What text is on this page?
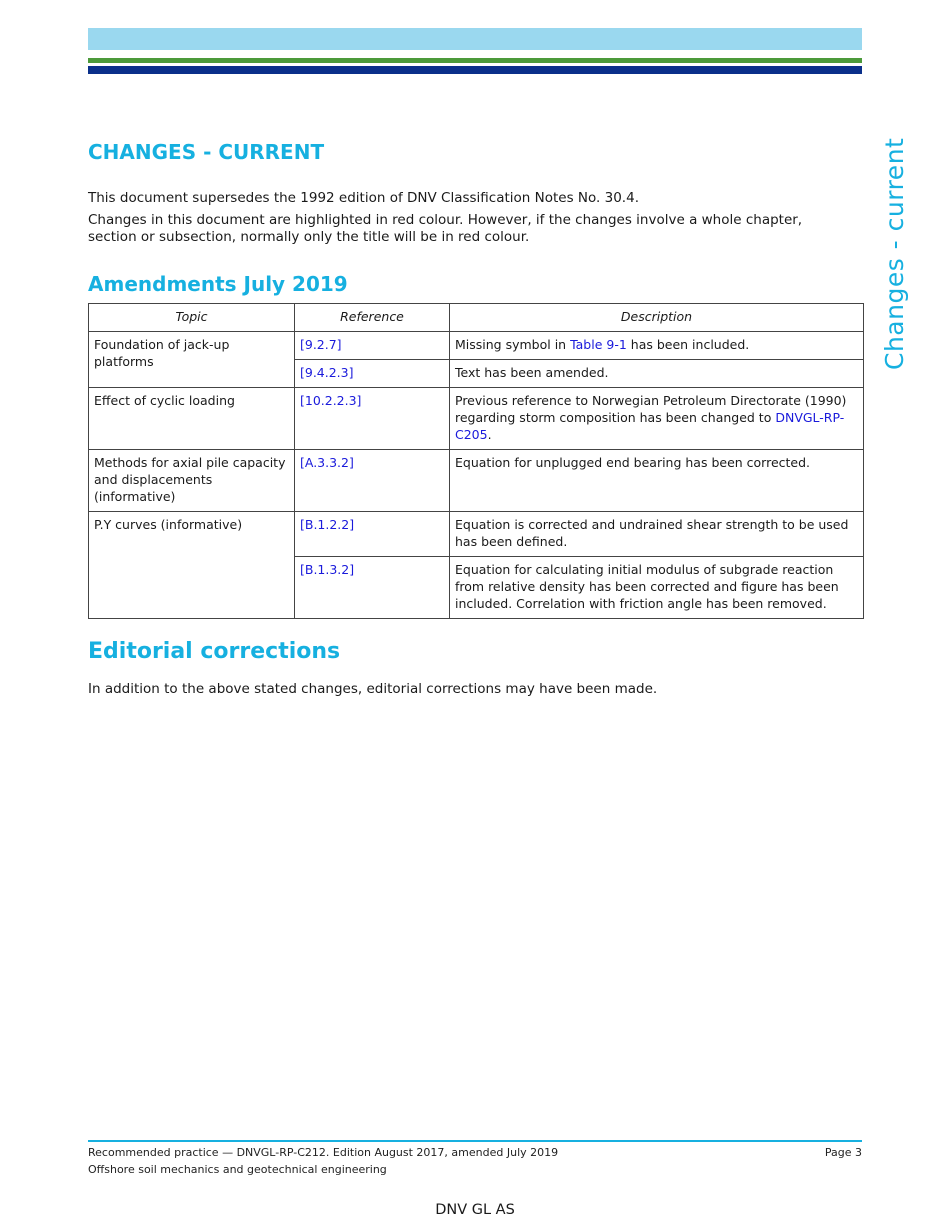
Changes - current
CHANGES - CURRENT

This document supersedes the 1992 edition of DNV Classification Notes No. 30.4.

Changes in this document are highlighted in red colour. However, if the changes involve a whole chapter, section or subsection, normally only the title will be in red colour.

Amendments July 2019
Topic	Reference	Description
Foundation of jack-up platforms	[9.2.7]	Missing symbol in Table 9-1 has been included.
	[9.4.2.3]	Text has been amended.
Effect of cyclic loading	[10.2.2.3]	Previous reference to Norwegian Petroleum Directorate (1990) regarding storm composition has been changed to DNVGL-RP-C205.
Methods for axial pile capacity and displacements (informative)	[A.3.3.2]	Equation for unplugged end bearing has been corrected.
P.Y curves (informative)	[B.1.2.2]	Equation is corrected and undrained shear strength to be used has been defined.
	[B.1.3.2]	Equation for calculating initial modulus of subgrade reaction from relative density has been corrected and figure has been included. Correlation with friction angle has been removed.
Editorial corrections

In addition to the above stated changes, editorial corrections may have been made.

Recommended practice — DNVGL-RP-C212. Edition August 2017, amended July 2019
Offshore soil mechanics and geotechnical engineering
Page 3
DNV GL AS
